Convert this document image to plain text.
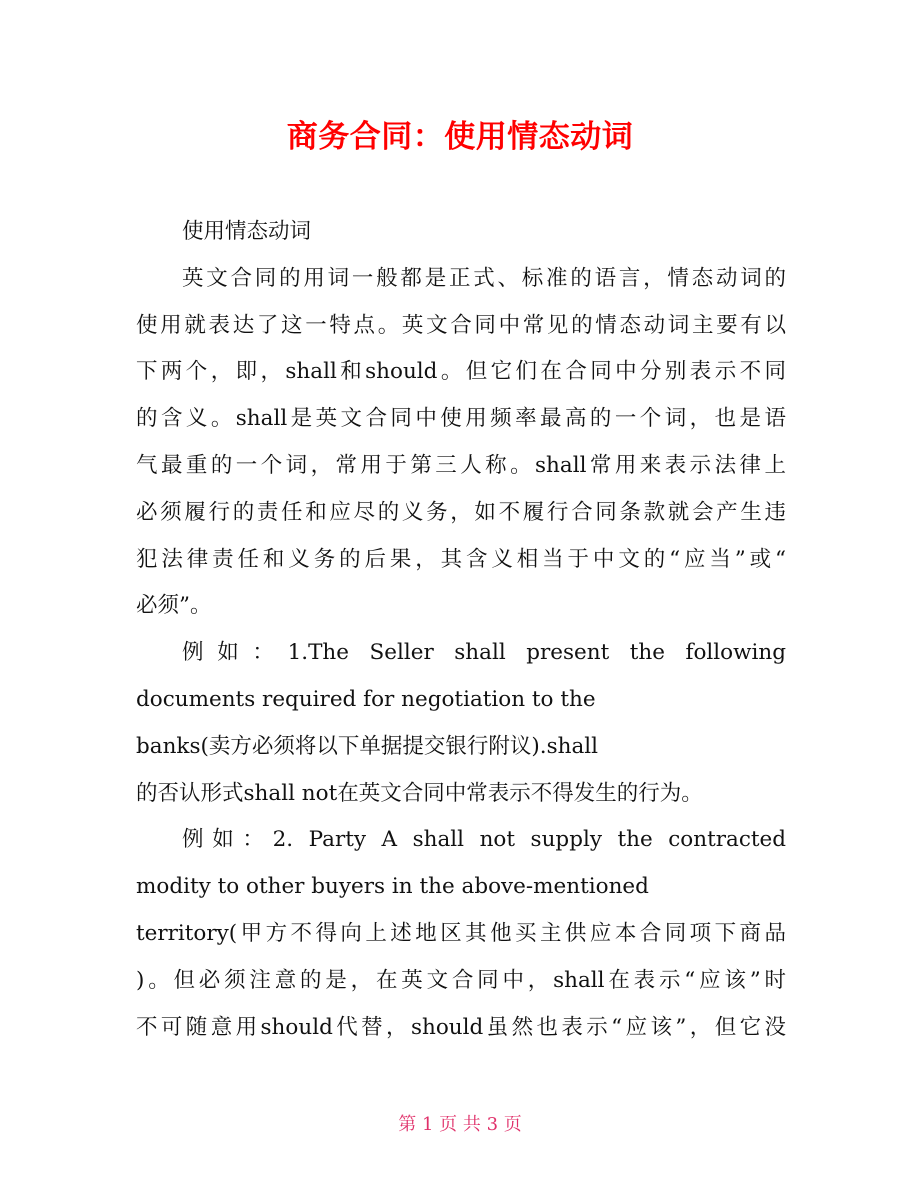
商务合同：使用情态动词
使用情态动词
英文合同的用词一般都是正式、标准的语言，情态动词的
使用就表达了这一特点。英文合同中常见的情态动词主要有以
下两个，即，shall和should。但它们在合同中分别表示不同
的含义。shall是英文合同中使用频率最高的一个词，也是语
气最重的一个词，常用于第三人称。shall常用来表示法律上
必须履行的责任和应尽的义务，如不履行合同条款就会产生违
犯法律责任和义务的后果，其含义相当于中文的“应当”或“
必须”。
例如：1.The Seller shall present the following
documents required for negotiation to the
banks(卖方必须将以下单据提交银行附议).shall
的否认形式shall not在英文合同中常表示不得发生的行为。
例如：2. Party A shall not supply the contracted
modity to other buyers in the above-mentioned
territory(甲方不得向上述地区其他买主供应本合同项下商品
)。但必须注意的是，在英文合同中，shall在表示“应该”时
不可随意用should代替，should虽然也表示“应该”，但它没
第 1 页 共 3 页
